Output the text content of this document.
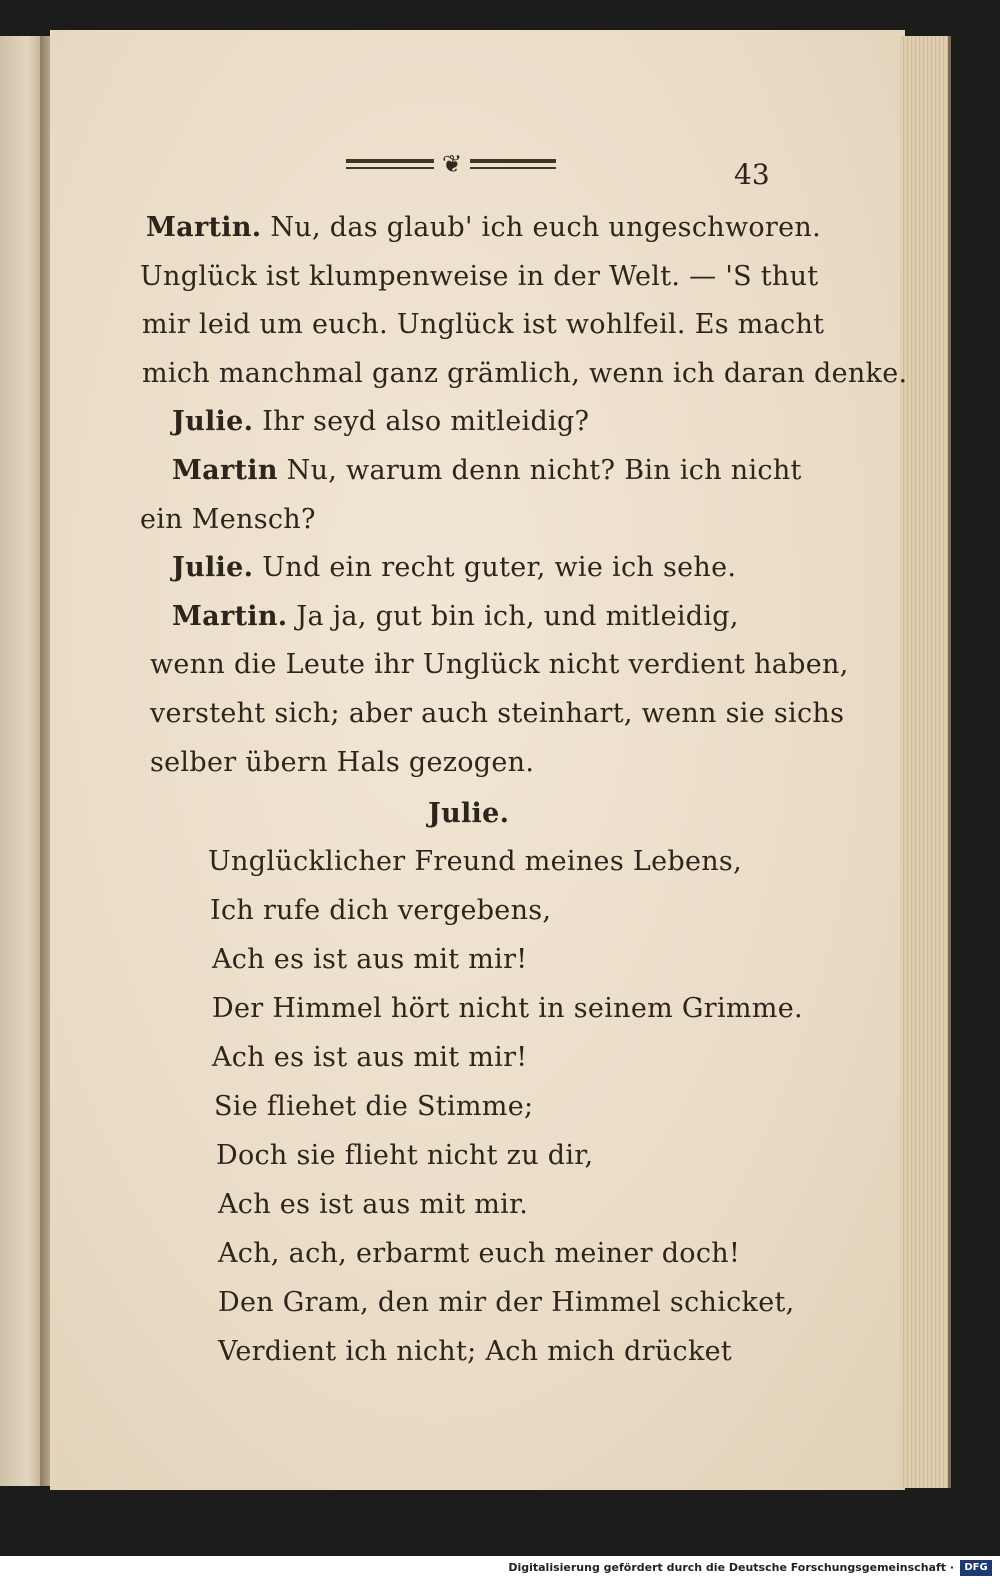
❦	43
Martin. Nu, das glaub' ich euch ungeschworen.
Unglück ist klumpenweise in der Welt. — 'S thut
mir leid um euch. Unglück ist wohlfeil. Es macht
mich manchmal ganz grämlich, wenn ich daran denke.
Julie. Ihr seyd also mitleidig?
Martin Nu, warum denn nicht? Bin ich nicht
ein Mensch?
Julie. Und ein recht guter, wie ich sehe.
Martin. Ja ja, gut bin ich, und mitleidig,
wenn die Leute ihr Unglück nicht verdient haben,
versteht sich; aber auch steinhart, wenn sie sichs
selber übern Hals gezogen.
Julie.
Unglücklicher Freund meines Lebens,
Ich rufe dich vergebens,
Ach es ist aus mit mir!
Der Himmel hört nicht in seinem Grimme.
Ach es ist aus mit mir!
Sie fliehet die Stimme;
Doch sie flieht nicht zu dir,
Ach es ist aus mit mir.
Ach, ach, erbarmt euch meiner doch!
Den Gram, den mir der Himmel schicket,
Verdient ich nicht; Ach mich drücket
Digitalisierung gefördert durch die Deutsche Forschungsgemeinschaft ·	DFG
